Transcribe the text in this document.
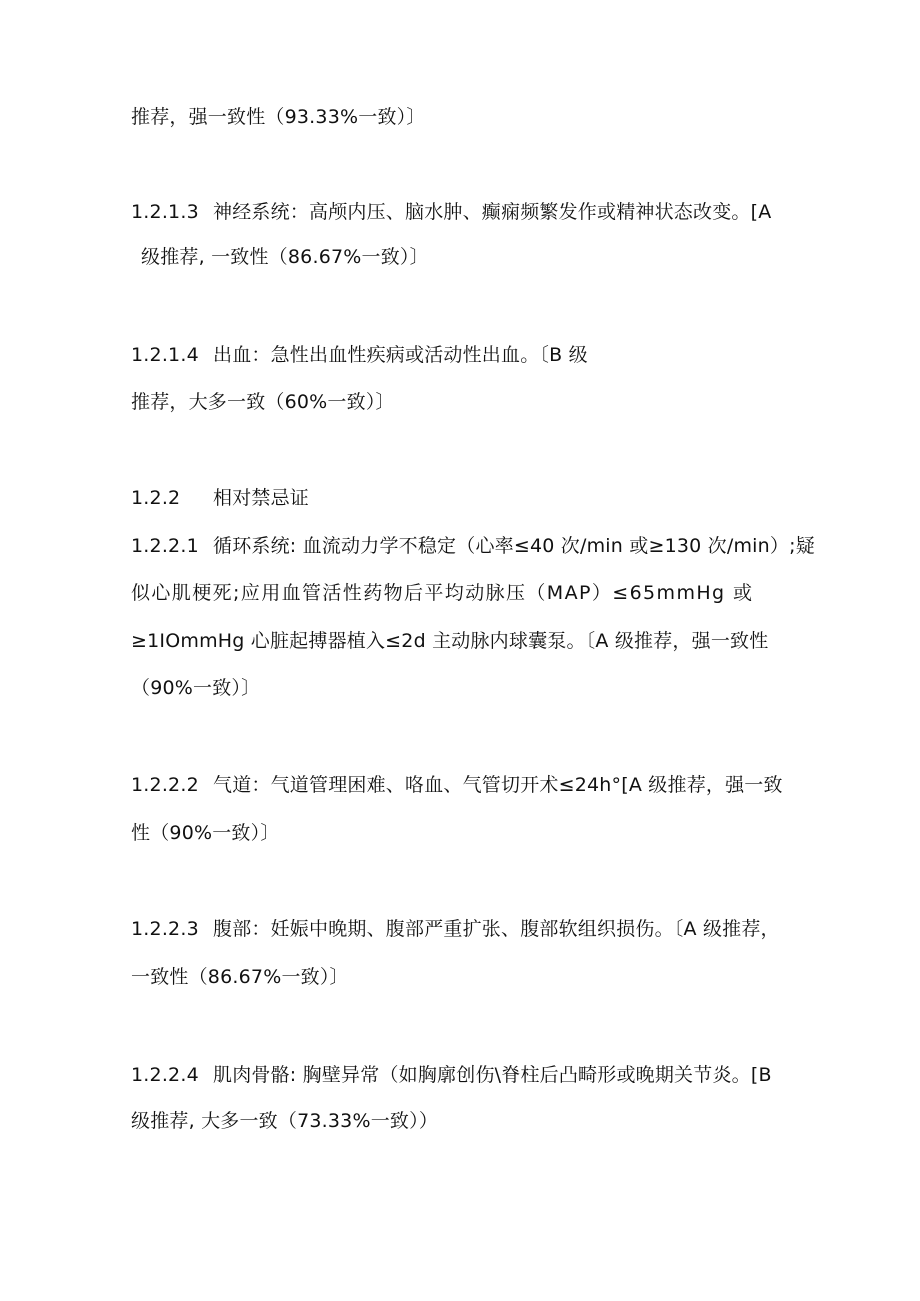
推荐，强一致性（93.33%一致）〕
1.2.1.3 神经系统：高颅内压、脑水肿、癫痫频繁发作或精神状态改变。[A
级推荐, 一致性（86.67%一致）〕
1.2.1.4 出血：急性出血性疾病或活动性出血。〔B 级
推荐，大多一致（60%一致）〕
1.2.2 相对禁忌证
1.2.2.1 循环系统: 血流动力学不稳定（心率≤40 次/min 或≥130 次/min）;疑
似心肌梗死;应用血管活性药物后平均动脉压（MAP）≤65mmHg 或
≥1IOmmHg 心脏起搏器植入≤2d 主动脉内球囊泵。〔A 级推荐，强一致性
（90%一致）〕
1.2.2.2 气道：气道管理困难、咯血、气管切开术≤24h°[A 级推荐，强一致
性（90%一致）〕
1.2.2.3 腹部：妊娠中晚期、腹部严重扩张、腹部软组织损伤。〔A 级推荐，
一致性（86.67%一致）〕
1.2.2.4 肌肉骨骼: 胸壁异常（如胸廓创伤\脊柱后凸畸形或晚期关节炎。[B
级推荐, 大多一致（73.33%一致））
